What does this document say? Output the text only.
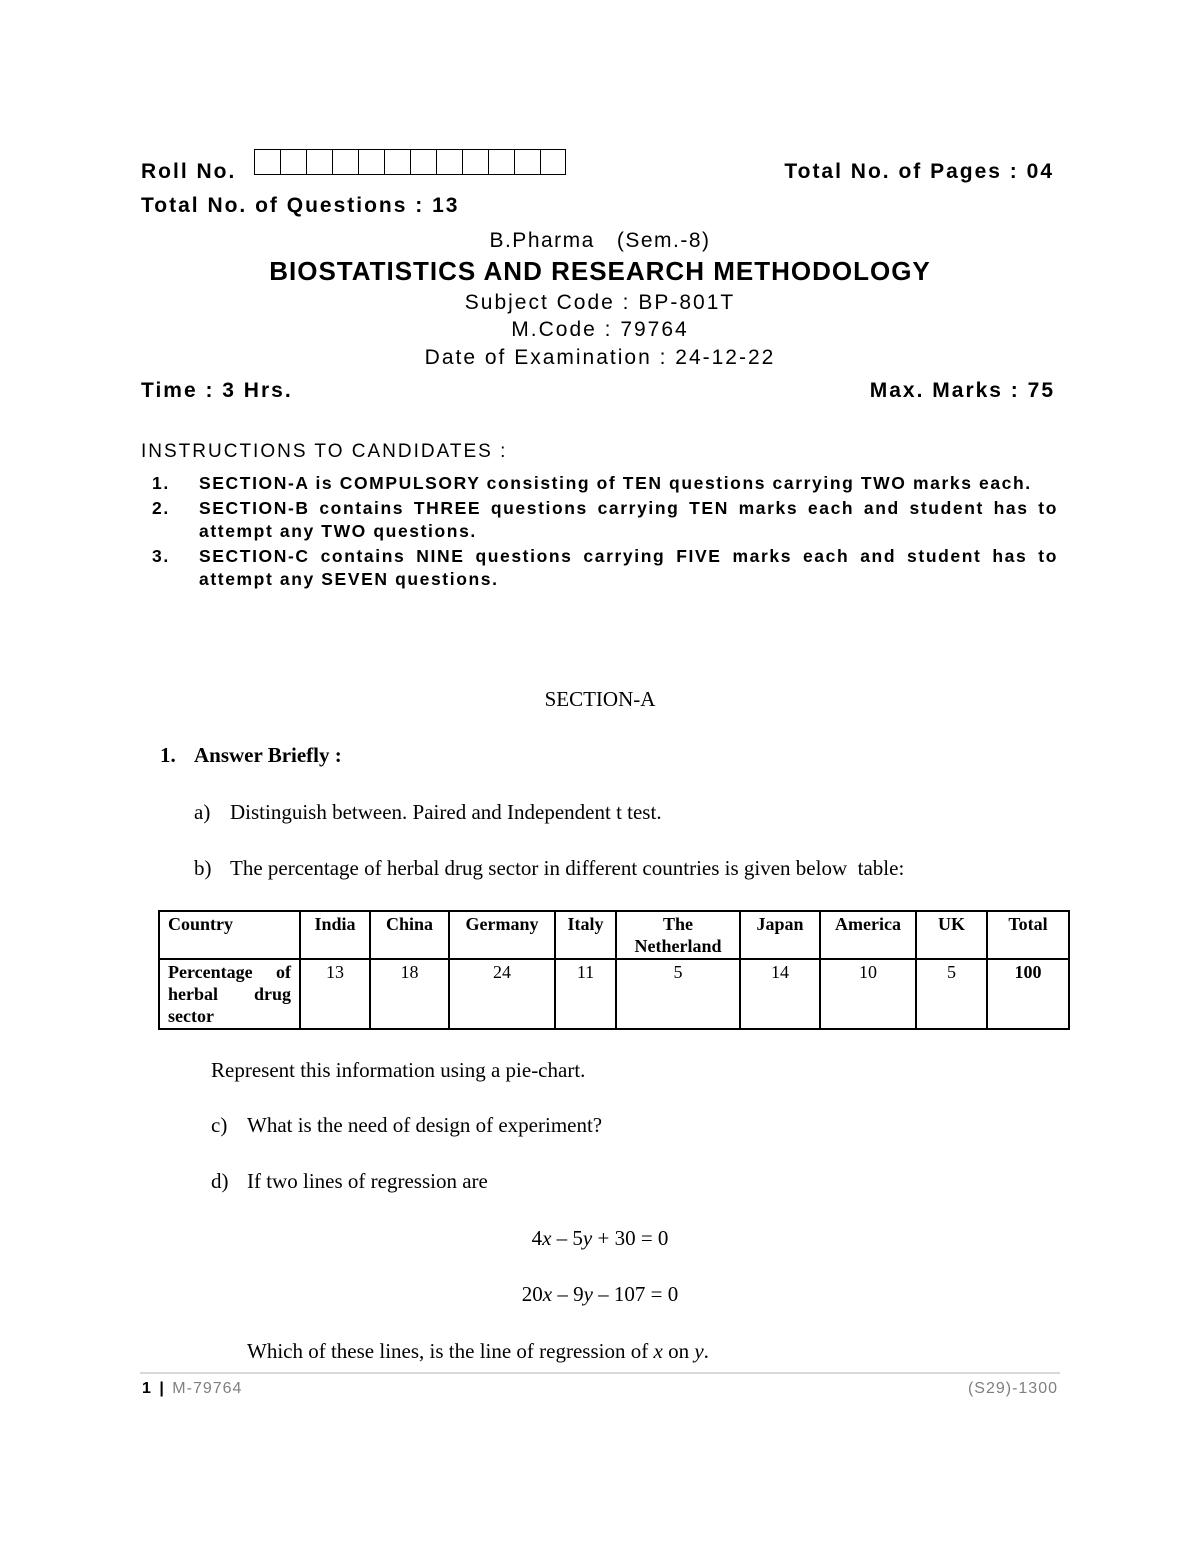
Roll No.	Total No. of Pages : 04
Total No. of Questions : 13
B.Pharma   (Sem.-8)
BIOSTATISTICS AND RESEARCH METHODOLOGY
Subject Code : BP-801T
M.Code : 79764
Date of Examination : 24-12-22
Time : 3 Hrs.	Max. Marks : 75
INSTRUCTIONS TO CANDIDATES :
1.	SECTION-A is COMPULSORY consisting of TEN questions carrying TWO marks each.
2.	SECTION-B contains THREE questions carrying TEN marks each and student has to attempt any TWO questions.
3.	SECTION-C contains NINE questions carrying FIVE marks each and student has to attempt any SEVEN questions.
SECTION-A
1. Answer Briefly :
a) Distinguish between. Paired and Independent t test.
b) The percentage of herbal drug sector in different countries is given below  table:
Country	India	China	Germany	Italy	The Netherland	Japan	America	UK	Total
Percentage of herbal drug sector	13	18	24	11	5	14	10	5	100
Represent this information using a pie-chart.
c) What is the need of design of experiment?
d) If two lines of regression are
4x – 5y + 30 = 0
20x – 9y – 107 = 0
Which of these lines, is the line of regression of x on y.
1 | M-79764	(S29)-1300
